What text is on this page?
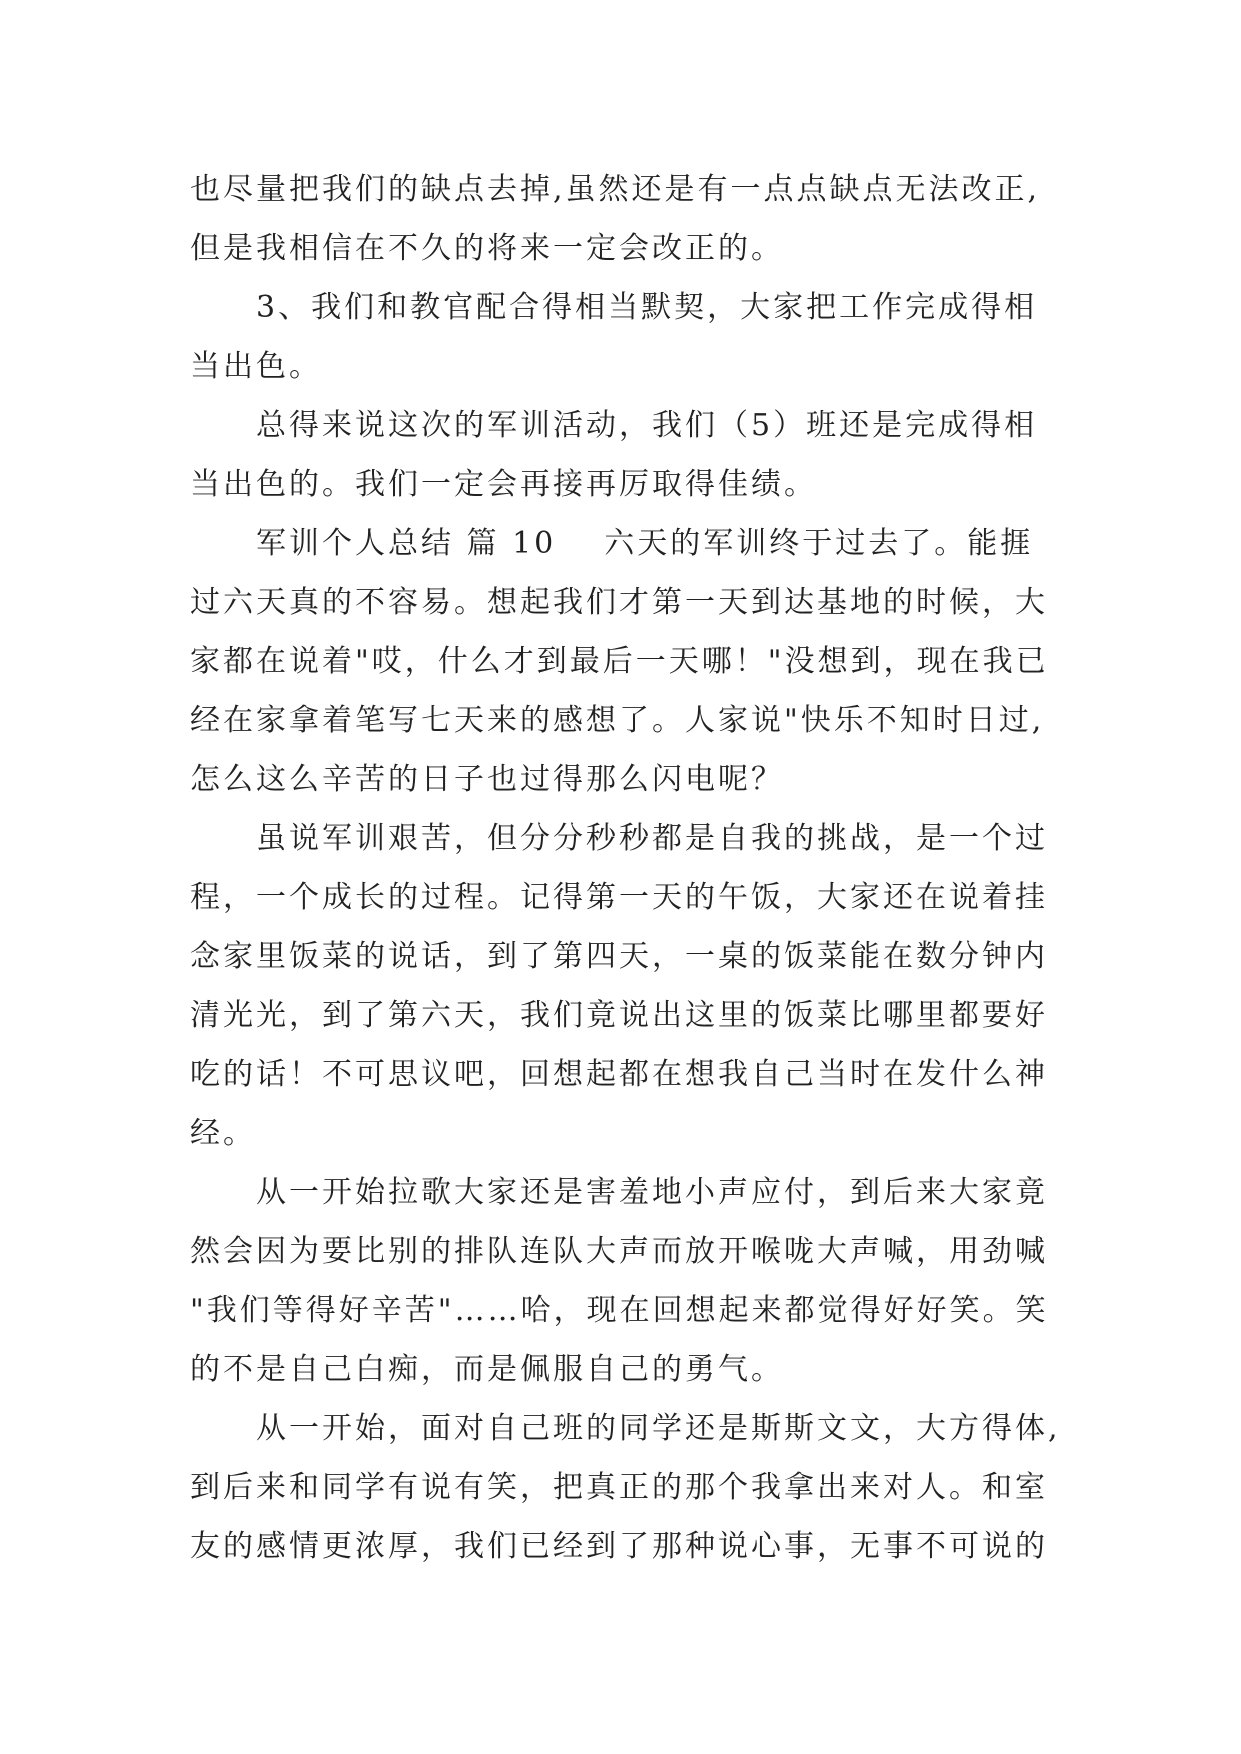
也尽量把我们的缺点去掉,虽然还是有一点点缺点无法改正,
但是我相信在不久的将来一定会改正的。
3、我们和教官配合得相当默契，大家把工作完成得相
当出色。
总得来说这次的军训活动，我们（5）班还是完成得相
当出色的。我们一定会再接再厉取得佳绩。
军训个人总结 篇 10 六天的军训终于过去了。能捱
过六天真的不容易。想起我们才第一天到达基地的时候，大
家都在说着"哎，什么才到最后一天哪！"没想到，现在我已
经在家拿着笔写七天来的感想了。人家说"快乐不知时日过,
怎么这么辛苦的日子也过得那么闪电呢？
虽说军训艰苦，但分分秒秒都是自我的挑战，是一个过
程，一个成长的过程。记得第一天的午饭，大家还在说着挂
念家里饭菜的说话，到了第四天，一桌的饭菜能在数分钟内
清光光，到了第六天，我们竟说出这里的饭菜比哪里都要好
吃的话！不可思议吧，回想起都在想我自己当时在发什么神
经。
从一开始拉歌大家还是害羞地小声应付，到后来大家竟
然会因为要比别的排队连队大声而放开喉咙大声喊，用劲喊
"我们等得好辛苦"……哈，现在回想起来都觉得好好笑。笑
的不是自己白痴，而是佩服自己的勇气。
从一开始，面对自己班的同学还是斯斯文文，大方得体,
到后来和同学有说有笑，把真正的那个我拿出来对人。和室
友的感情更浓厚，我们已经到了那种说心事，无事不可说的
